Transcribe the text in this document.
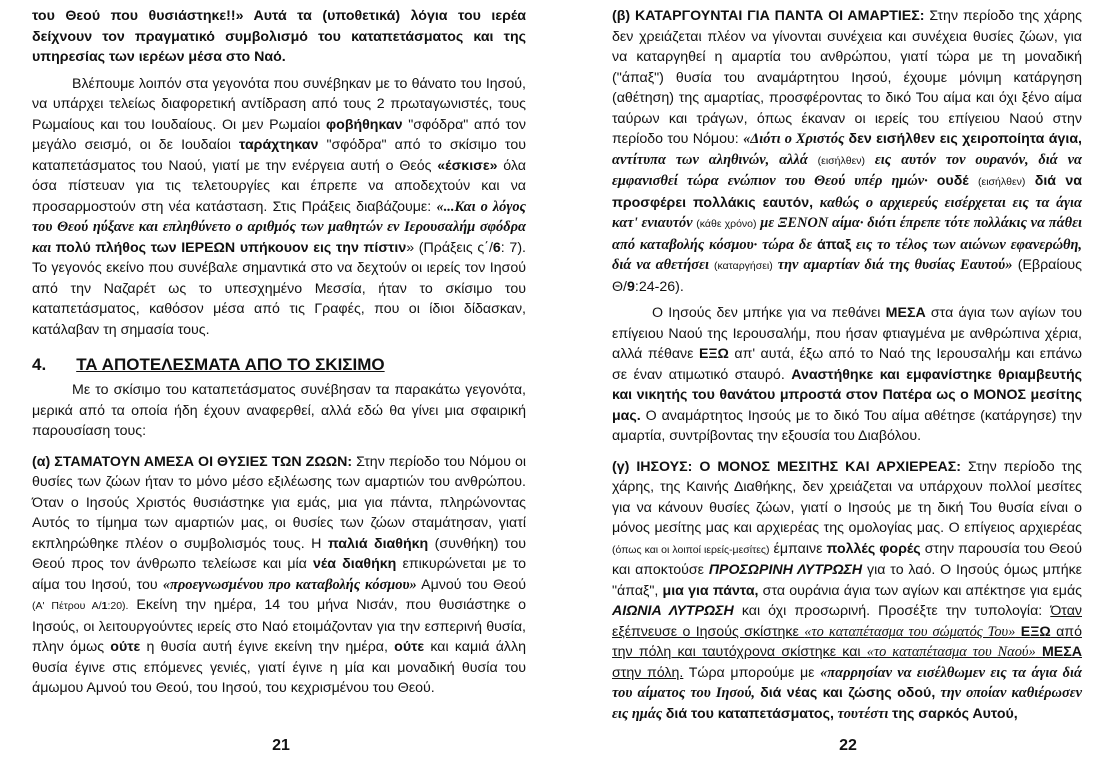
του Θεού που θυσιάστηκε!!» Αυτά τα (υποθετικά) λόγια του ιερέα δείχνουν τον πραγματικό συμβολισμό του καταπετάσματος και της υπηρεσίας των ιερέων μέσα στο Ναό.

Βλέπουμε λοιπόν στα γεγονότα που συνέβηκαν με το θάνατο του Ιησού, να υπάρχει τελείως διαφορετική αντίδραση από τους 2 πρωταγωνιστές, τους Ρωμαίους και του Ιουδαίους. Οι μεν Ρωμαίοι φοβήθηκαν "σφόδρα" από τον μεγάλο σεισμό, οι δε Ιουδαίοι ταράχτηκαν "σφόδρα" από το σκίσιμο του καταπετάσματος του Ναού, γιατί με την ενέργεια αυτή ο Θεός «έσκισε» όλα όσα πίστευαν για τις τελετουργίες και έπρεπε να αποδεχτούν και να προσαρμοστούν στη νέα κατάσταση. Στις Πράξεις διαβάζουμε: «...Και ο λόγος του Θεού ηύξανε και επληθύνετο ο αριθμός των μαθητών εν Ιερουσαλήμ σφόδρα και πολύ πλήθος των ΙΕΡΕΩΝ υπήκουον εις την πίστιν» (Πράξεις ς΄/6: 7). Το γεγονός εκείνο που συνέβαλε σημαντικά στο να δεχτούν οι ιερείς τον Ιησού από την Ναζαρέτ ως το υπεσχημένο Μεσσία, ήταν το σκίσιμο του καταπετάσματος, καθόσον μέσα από τις Γραφές, που οι ίδιοι δίδασκαν, κατάλαβαν τη σημασία τους.

4. ΤΑ ΑΠΟΤΕΛΕΣΜΑΤΑ ΑΠΟ ΤΟ ΣΚΙΣΙΜΟ

Με το σκίσιμο του καταπετάσματος συνέβησαν τα παρακάτω γεγονότα, μερικά από τα οποία ήδη έχουν αναφερθεί, αλλά εδώ θα γίνει μια σφαιρική παρουσίαση τους:

(α) ΣΤΑΜΑΤΟΥΝ ΑΜΕΣΑ ΟΙ ΘΥΣΙΕΣ ΤΩΝ ΖΩΩΝ: Στην περίοδο του Νόμου οι θυσίες των ζώων ήταν το μόνο μέσο εξιλέωσης των αμαρτιών του ανθρώπου. Όταν ο Ιησούς Χριστός θυσιάστηκε για εμάς, μια για πάντα, πληρώνοντας Αυτός το τίμημα των αμαρτιών μας, οι θυσίες των ζώων σταμάτησαν, γιατί εκπληρώθηκε πλέον ο συμβολισμός τους. Η παλιά διαθήκη (συνθήκη) του Θεού προς τον άνθρωπο τελείωσε και μία νέα διαθήκη επικυρώνεται με το αίμα του Ιησού, του «προεγνωσμένου προ καταβολής κόσμου» Αμνού του Θεού (Α' Πέτρου Α/1:20). Εκείνη την ημέρα, 14 του μήνα Νισάν, που θυσιάστηκε ο Ιησούς, οι λειτουργούντες ιερείς στο Ναό ετοιμάζονταν για την εσπερινή θυσία, πλην όμως ούτε η θυσία αυτή έγινε εκείνη την ημέρα, ούτε και καμιά άλλη θυσία έγινε στις επόμενες γενιές, γιατί έγινε η μία και μοναδική θυσία του άμωμου Αμνού του Θεού, του Ιησού, του κεχρισμένου του Θεού.

21

(β) ΚΑΤΑΡΓΟΥΝΤΑΙ ΓΙΑ ΠΑΝΤΑ ΟΙ ΑΜΑΡΤΙΕΣ: Στην περίοδο της χάρης δεν χρειάζεται πλέον να γίνονται συνέχεια και συνέχεια θυσίες ζώων, για να καταργηθεί η αμαρτία του ανθρώπου, γιατί τώρα με τη μοναδική ("άπαξ") θυσία του αναμάρτητου Ιησού, έχουμε μόνιμη κατάργηση (αθέτηση) της αμαρτίας, προσφέροντας το δικό Του αίμα και όχι ξένο αίμα ταύρων και τράγων, όπως έκαναν οι ιερείς του επίγειου Ναού στην περίοδο του Νόμου: «Διότι ο Χριστός δεν εισήλθεν εις χειροποίητα άγια, αντίτυπα των αληθινών, αλλά (εισήλθεν) εις αυτόν τον ουρανόν, διά να εμφανισθεί τώρα ενώπιον του Θεού υπέρ ημών· ουδέ (εισήλθεν) διά να προσφέρει πολλάκις εαυτόν, καθώς ο αρχιερεύς εισέρχεται εις τα άγια κατ' ενιαυτόν (κάθε χρόνο) με ΞΕΝΟΝ αίμα· διότι έπρεπε τότε πολλάκις να πάθει από καταβολής κόσμου· τώρα δε άπαξ εις το τέλος των αιώνων εφανερώθη, διά να αθετήσει (καταργήσει) την αμαρτίαν διά της θυσίας Εαυτού» (Εβραίους Θ/9:24-26).

Ο Ιησούς δεν μπήκε για να πεθάνει ΜΕΣΑ στα άγια των αγίων του επίγειου Ναού της Ιερουσαλήμ, που ήσαν φτιαγμένα με ανθρώπινα χέρια, αλλά πέθανε ΕΞΩ απ' αυτά, έξω από το Ναό της Ιερουσαλήμ και επάνω σε έναν ατιμωτικό σταυρό. Αναστήθηκε και εμφανίστηκε θριαμβευτής και νικητής του θανάτου μπροστά στον Πατέρα ως ο ΜΟΝΟΣ μεσίτης μας. Ο αναμάρτητος Ιησούς με το δικό Του αίμα αθέτησε (κατάργησε) την αμαρτία, συντρίβοντας την εξουσία του Διαβόλου.

(γ) ΙΗΣΟΥΣ: Ο ΜΟΝΟΣ ΜΕΣΙΤΗΣ ΚΑΙ ΑΡΧΙΕΡΕΑΣ: Στην περίοδο της χάρης, της Καινής Διαθήκης, δεν χρειάζεται να υπάρχουν πολλοί μεσίτες για να κάνουν θυσίες ζώων, γιατί ο Ιησούς με τη δική Του θυσία είναι ο μόνος μεσίτης μας και αρχιερέας της ομολογίας μας. Ο επίγειος αρχιερέας (όπως και οι λοιποί ιερείς-μεσίτες) έμπαινε πολλές φορές στην παρουσία του Θεού και αποκτούσε ΠΡΟΣΩΡΙΝΗ ΛΥΤΡΩΣΗ για το λαό. Ο Ιησούς όμως μπήκε "άπαξ", μια για πάντα, στα ουράνια άγια των αγίων και απέκτησε για εμάς ΑΙΩΝΙΑ ΛΥΤΡΩΣΗ και όχι προσωρινή. Προσέξτε την τυπολογία: Όταν εξέπνευσε ο Ιησούς σκίστηκε «το καταπέτασμα του σώματός Του» ΕΞΩ από την πόλη και ταυτόχρονα σκίστηκε και «το καταπέτασμα του Ναού» ΜΕΣΑ στην πόλη. Τώρα μπορούμε με «παρρησίαν να εισέλθωμεν εις τα άγια διά του αίματος του Ιησού, διά νέας και ζώσης οδού, την οποίαν καθιέρωσεν εις ημάς διά του καταπετάσματος, τουτέστι της σαρκός Αυτού,

22
